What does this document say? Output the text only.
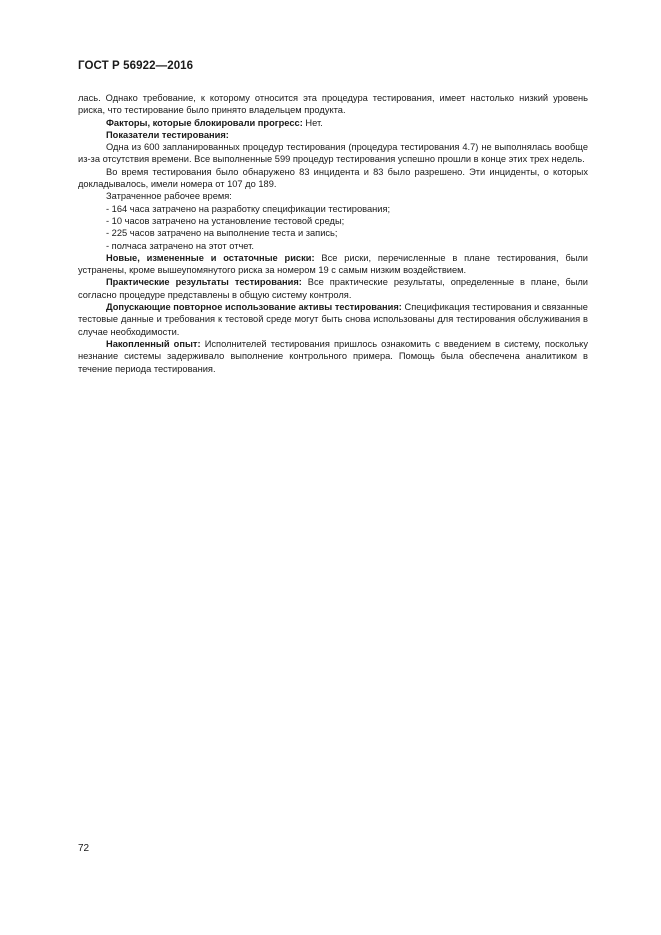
ГОСТ Р 56922—2016

лась. Однако требование, к которому относится эта процедура тестирования, имеет настолько низкий уровень риска, что тестирование было принято владельцем продукта.

Факторы, которые блокировали прогресс: Нет.

Показатели тестирования:

Одна из 600 запланированных процедур тестирования (процедура тестирования 4.7) не выполнялась вообще из-за отсутствия времени. Все выполненные 599 процедур тестирования успешно прошли в конце этих трех недель.

Во время тестирования было обнаружено 83 инцидента и 83 было разрешено. Эти инциденты, о которых докладывалось, имели номера от 107 до 189.

Затраченное рабочее время:

- 164 часа затрачено на разработку спецификации тестирования;

- 10 часов затрачено на установление тестовой среды;

- 225 часов затрачено на выполнение теста и запись;

- полчаса затрачено на этот отчет.

Новые, измененные и остаточные риски: Все риски, перечисленные в плане тестирования, были устранены, кроме вышеупомянутого риска за номером 19 с самым низким воздействием.

Практические результаты тестирования: Все практические результаты, определенные в плане, были согласно процедуре представлены в общую систему контроля.

Допускающие повторное использование активы тестирования: Спецификация тестирования и связанные тестовые данные и требования к тестовой среде могут быть снова использованы для тестирования обслуживания в случае необходимости.

Накопленный опыт: Исполнителей тестирования пришлось ознакомить с введением в систему, поскольку незнание системы задерживало выполнение контрольного примера. Помощь была обеспечена аналитиком в течение периода тестирования.

72
